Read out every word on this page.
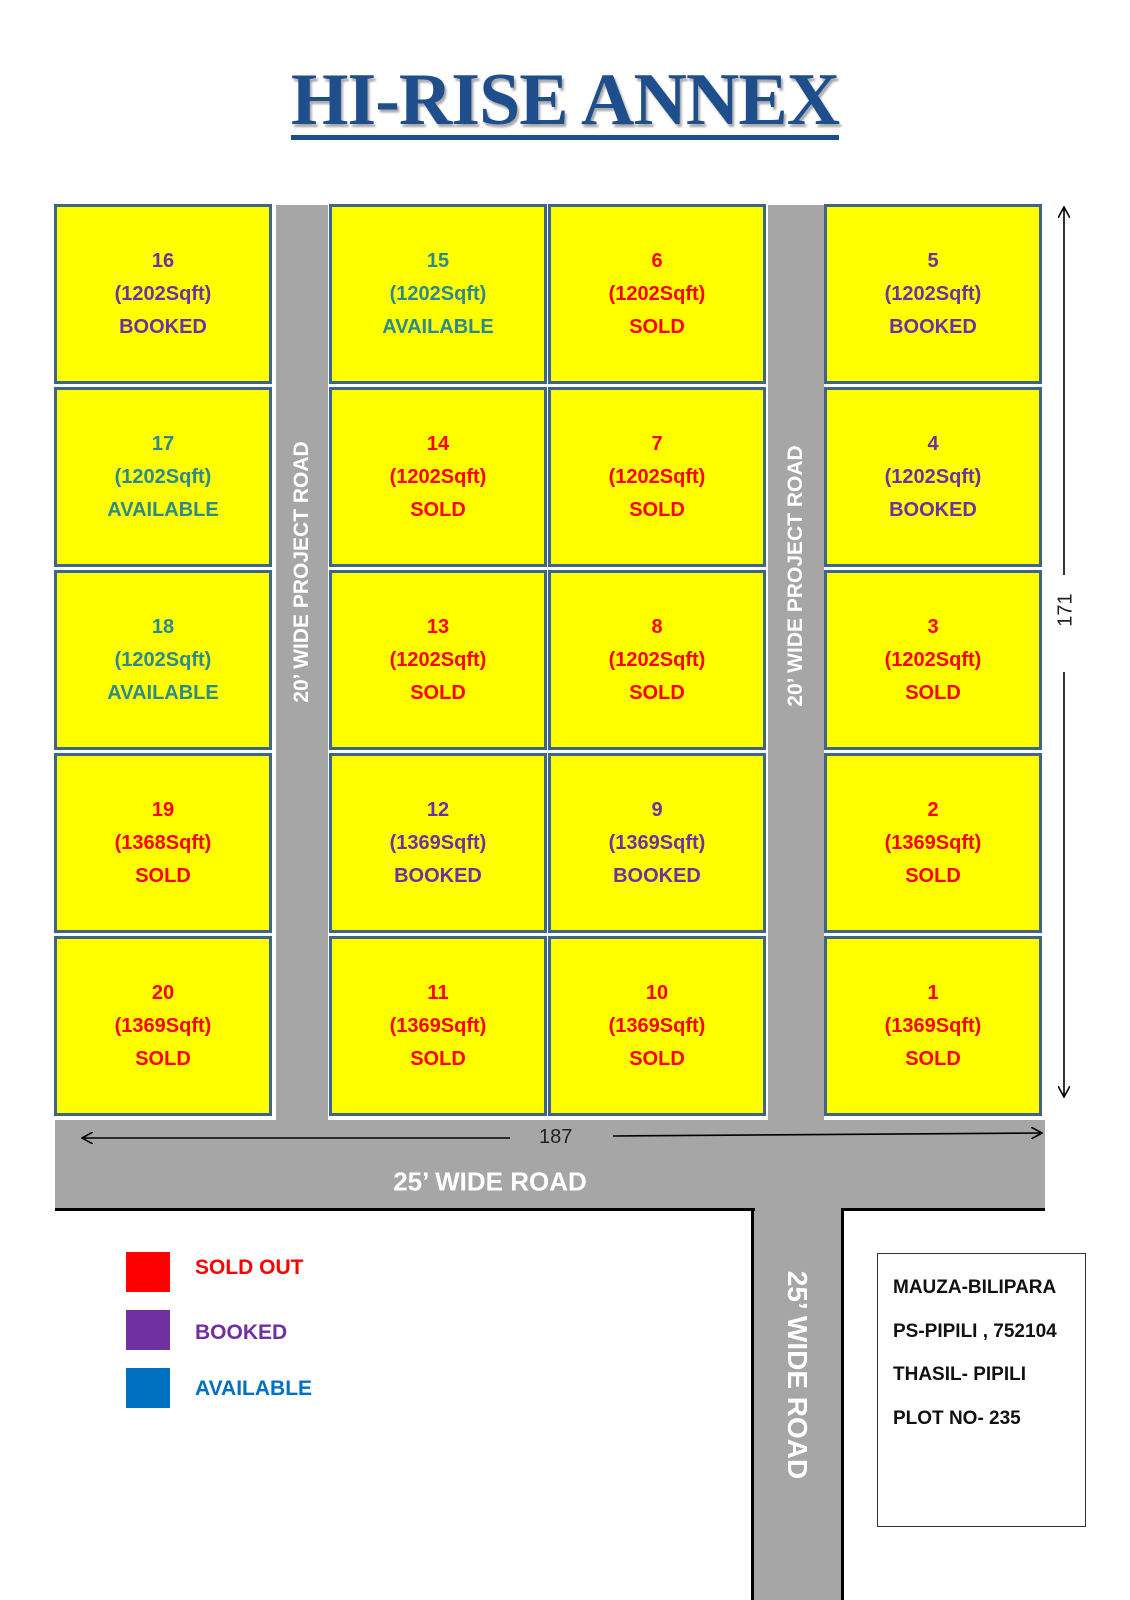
HI-RISE ANNEX
20’ WIDE PROJECT ROAD	20’ WIDE PROJECT ROAD
25’ WIDE ROAD
25’ WIDE ROAD
16
(1202Sqft)
BOOKED
15
(1202Sqft)
AVAILABLE
6
(1202Sqft)
SOLD
5
(1202Sqft)
BOOKED
17
(1202Sqft)
AVAILABLE
14
(1202Sqft)
SOLD
7
(1202Sqft)
SOLD
4
(1202Sqft)
BOOKED
18
(1202Sqft)
AVAILABLE
13
(1202Sqft)
SOLD
8
(1202Sqft)
SOLD
3
(1202Sqft)
SOLD
19
(1368Sqft)
SOLD
12
(1369Sqft)
BOOKED
9
(1369Sqft)
BOOKED
2
(1369Sqft)
SOLD
20
(1369Sqft)
SOLD
11
(1369Sqft)
SOLD
10
(1369Sqft)
SOLD
1
(1369Sqft)
SOLD
187
171
SOLD OUT
BOOKED
AVAILABLE
MAUZA-BILIPARA
PS-PIPILI , 752104
THASIL- PIPILI
PLOT NO- 235
